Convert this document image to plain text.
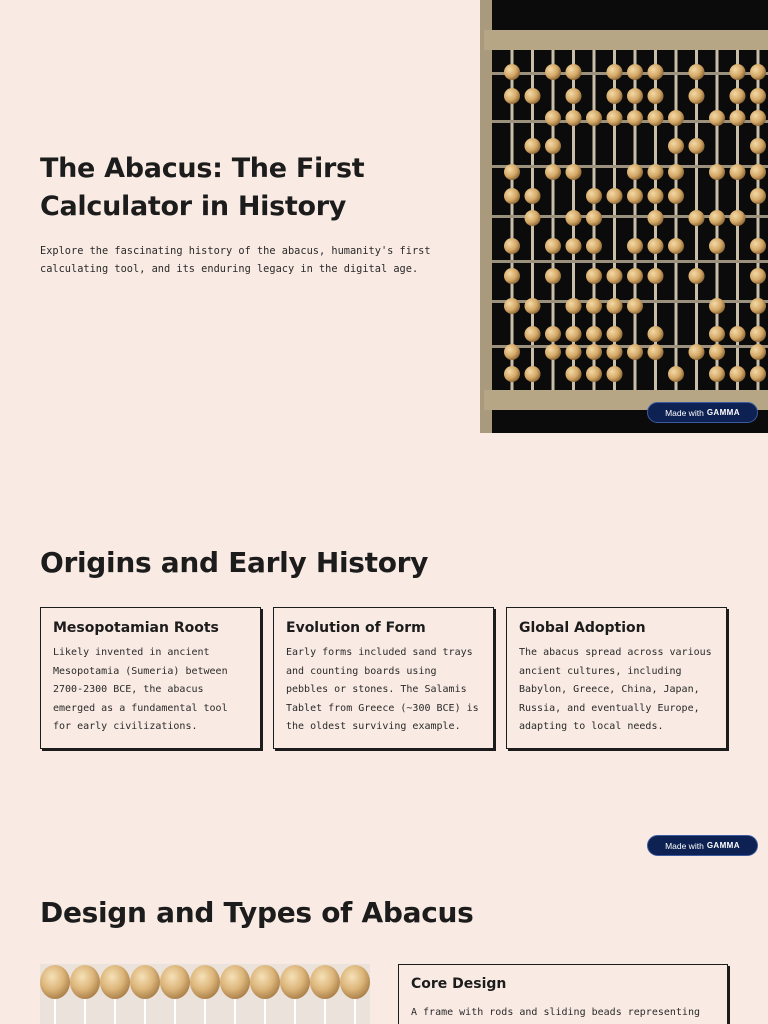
The Abacus: The First Calculator in History

Explore the fascinating history of the abacus, humanity's first calculating tool, and its enduring legacy in the digital age.

Made with GAMMA
Origins and Early History
Mesopotamian Roots

Likely invented in ancient Mesopotamia (Sumeria) between 2700-2300 BCE, the abacus emerged as a fundamental tool for early civilizations.

Evolution of Form

Early forms included sand trays and counting boards using pebbles or stones. The Salamis Tablet from Greece (~300 BCE) is the oldest surviving example.

Global Adoption

The abacus spread across various ancient cultures, including Babylon, Greece, China, Japan, Russia, and eventually Europe, adapting to local needs.

Made with GAMMA
Design and Types of Abacus
Core Design

A frame with rods and sliding beads representing
